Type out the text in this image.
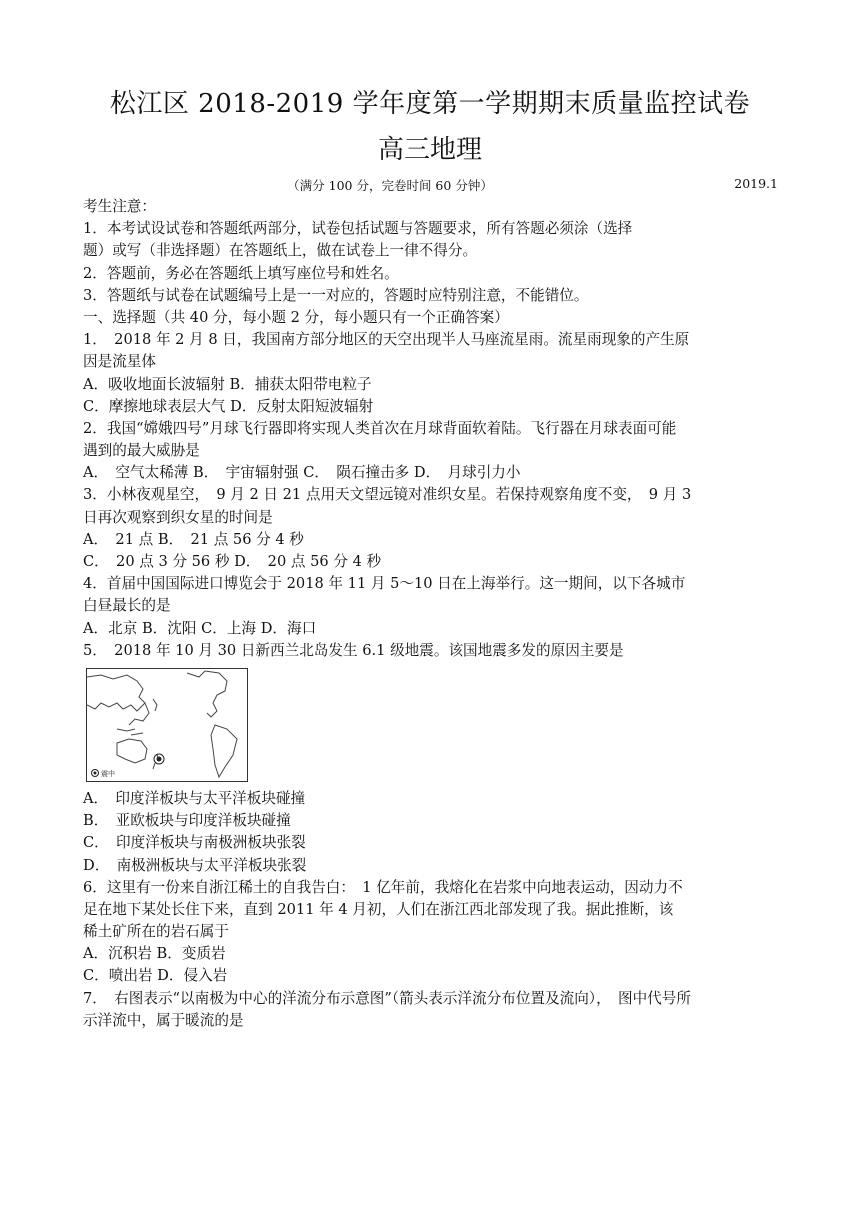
松江区 2018-2019 学年度第一学期期末质量监控试卷
高三地理
（满分 100 分，完卷时间 60 分钟）	2019.1
考生注意：
1．本考试设试卷和答题纸两部分，试卷包括试题与答题要求，所有答题必须涂（选择
题）或写（非选择题）在答题纸上，做在试卷上一律不得分。
2．答题前，务必在答题纸上填写座位号和姓名。
3．答题纸与试卷在试题编号上是一一对应的，答题时应特别注意，不能错位。
一、选择题（共 40 分，每小题 2 分，每小题只有一个正确答案）
1．　2018 年 2 月 8 日，我国南方部分地区的天空出现半人马座流星雨。流星雨现象的产生原
因是流星体
A．吸收地面长波辐射 B．捕获太阳带电粒子
C．摩擦地球表层大气 D．反射太阳短波辐射
2．我国“嫦娥四号”月球飞行器即将实现人类首次在月球背面软着陆。飞行器在月球表面可能
遇到的最大威胁是
A．　空气太稀薄 B．　宇宙辐射强 C．　陨石撞击多 D．　月球引力小
3．小林夜观星空，　9 月 2 日 21 点用天文望远镜对准织女星。若保持观察角度不变，　9 月 3
日再次观察到织女星的时间是
A．　21 点 B．　21 点 56 分 4 秒
C．　20 点 3 分 56 秒 D．　20 点 56 分 4 秒
4．首届中国国际进口博览会于 2018 年 11 月 5～10 日在上海举行。这一期间，以下各城市
白昼最长的是
A．北京 B．沈阳 C．上海 D．海口
5．　2018 年 10 月 30 日新西兰北岛发生 6.1 级地震。该国地震多发的原因主要是
震中
A．　印度洋板块与太平洋板块碰撞
B．　亚欧板块与印度洋板块碰撞
C．　印度洋板块与南极洲板块张裂
D．　南极洲板块与太平洋板块张裂
6．这里有一份来自浙江稀土的自我告白：　1 亿年前，我熔化在岩浆中向地表运动，因动力不
足在地下某处长住下来，直到 2011 年 4 月初，人们在浙江西北部发现了我。据此推断，该
稀土矿所在的岩石属于
A．沉积岩 B．变质岩
C．喷出岩 D．侵入岩
7．　右图表示“以南极为中心的洋流分布示意图”（箭头表示洋流分布位置及流向），　图中代号所
示洋流中，属于暖流的是
